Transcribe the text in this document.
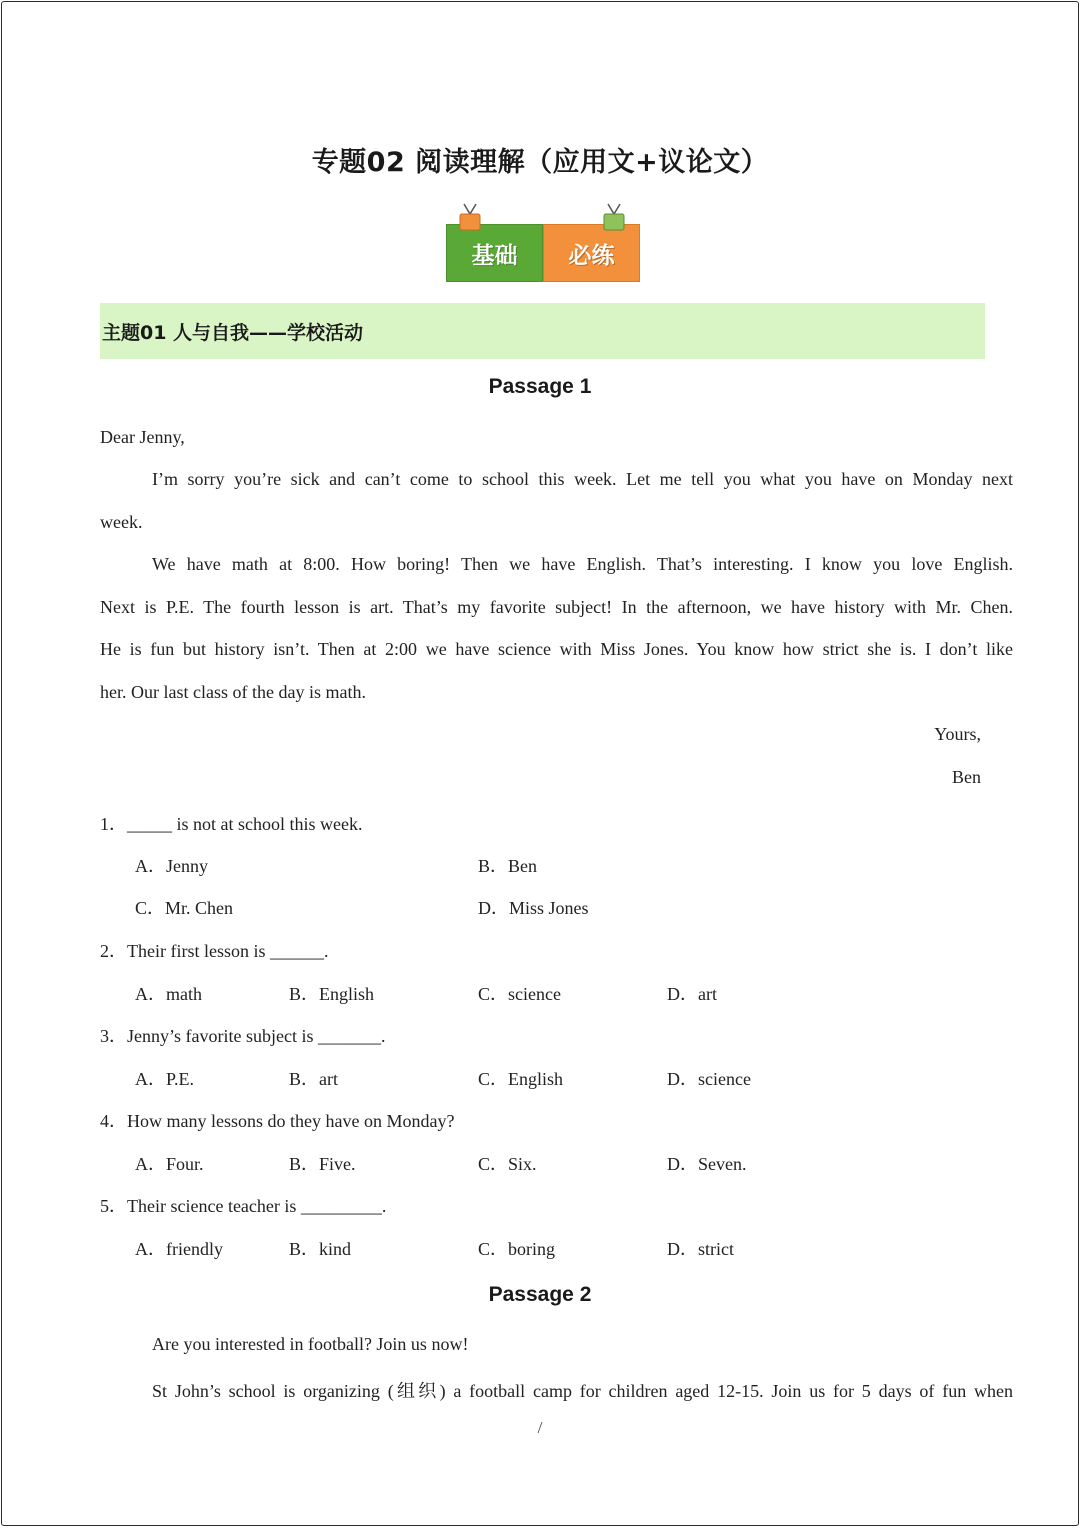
专题02 阅读理解（应用文+议论文）
基础	必练
主题01 人与自我——学校活动
Passage 1
Dear Jenny,
I’m sorry you’re sick and can’t come to school this week. Let me tell you what you have on Monday next
week.
We have math at 8:00. How boring! Then we have English. That’s interesting. I know you love English.
Next is P.E. The fourth lesson is art. That’s my favorite subject! In the afternoon, we have history with Mr. Chen.
He is fun but history isn’t. Then at 2:00 we have science with Miss Jones. You know how strict she is. I don’t like
her. Our last class of the day is math.
Yours,
Ben
1．_____ is not at school this week.
A．Jenny	B．Ben
C．Mr. Chen	D．Miss Jones
2．Their first lesson is ______.
A．math	B．English	C．science	D．art
3．Jenny’s favorite subject is _______.
A．P.E.	B．art	C．English	D．science
4．How many lessons do they have on Monday?
A．Four.	B．Five.	C．Six.	D．Seven.
5．Their science teacher is _________.
A．friendly	B．kind	C．boring	D．strict
Passage 2
Are you interested in football? Join us now!
St John’s school is organizing (组织) a football camp for children aged 12-15. Join us for 5 days of fun when
/
